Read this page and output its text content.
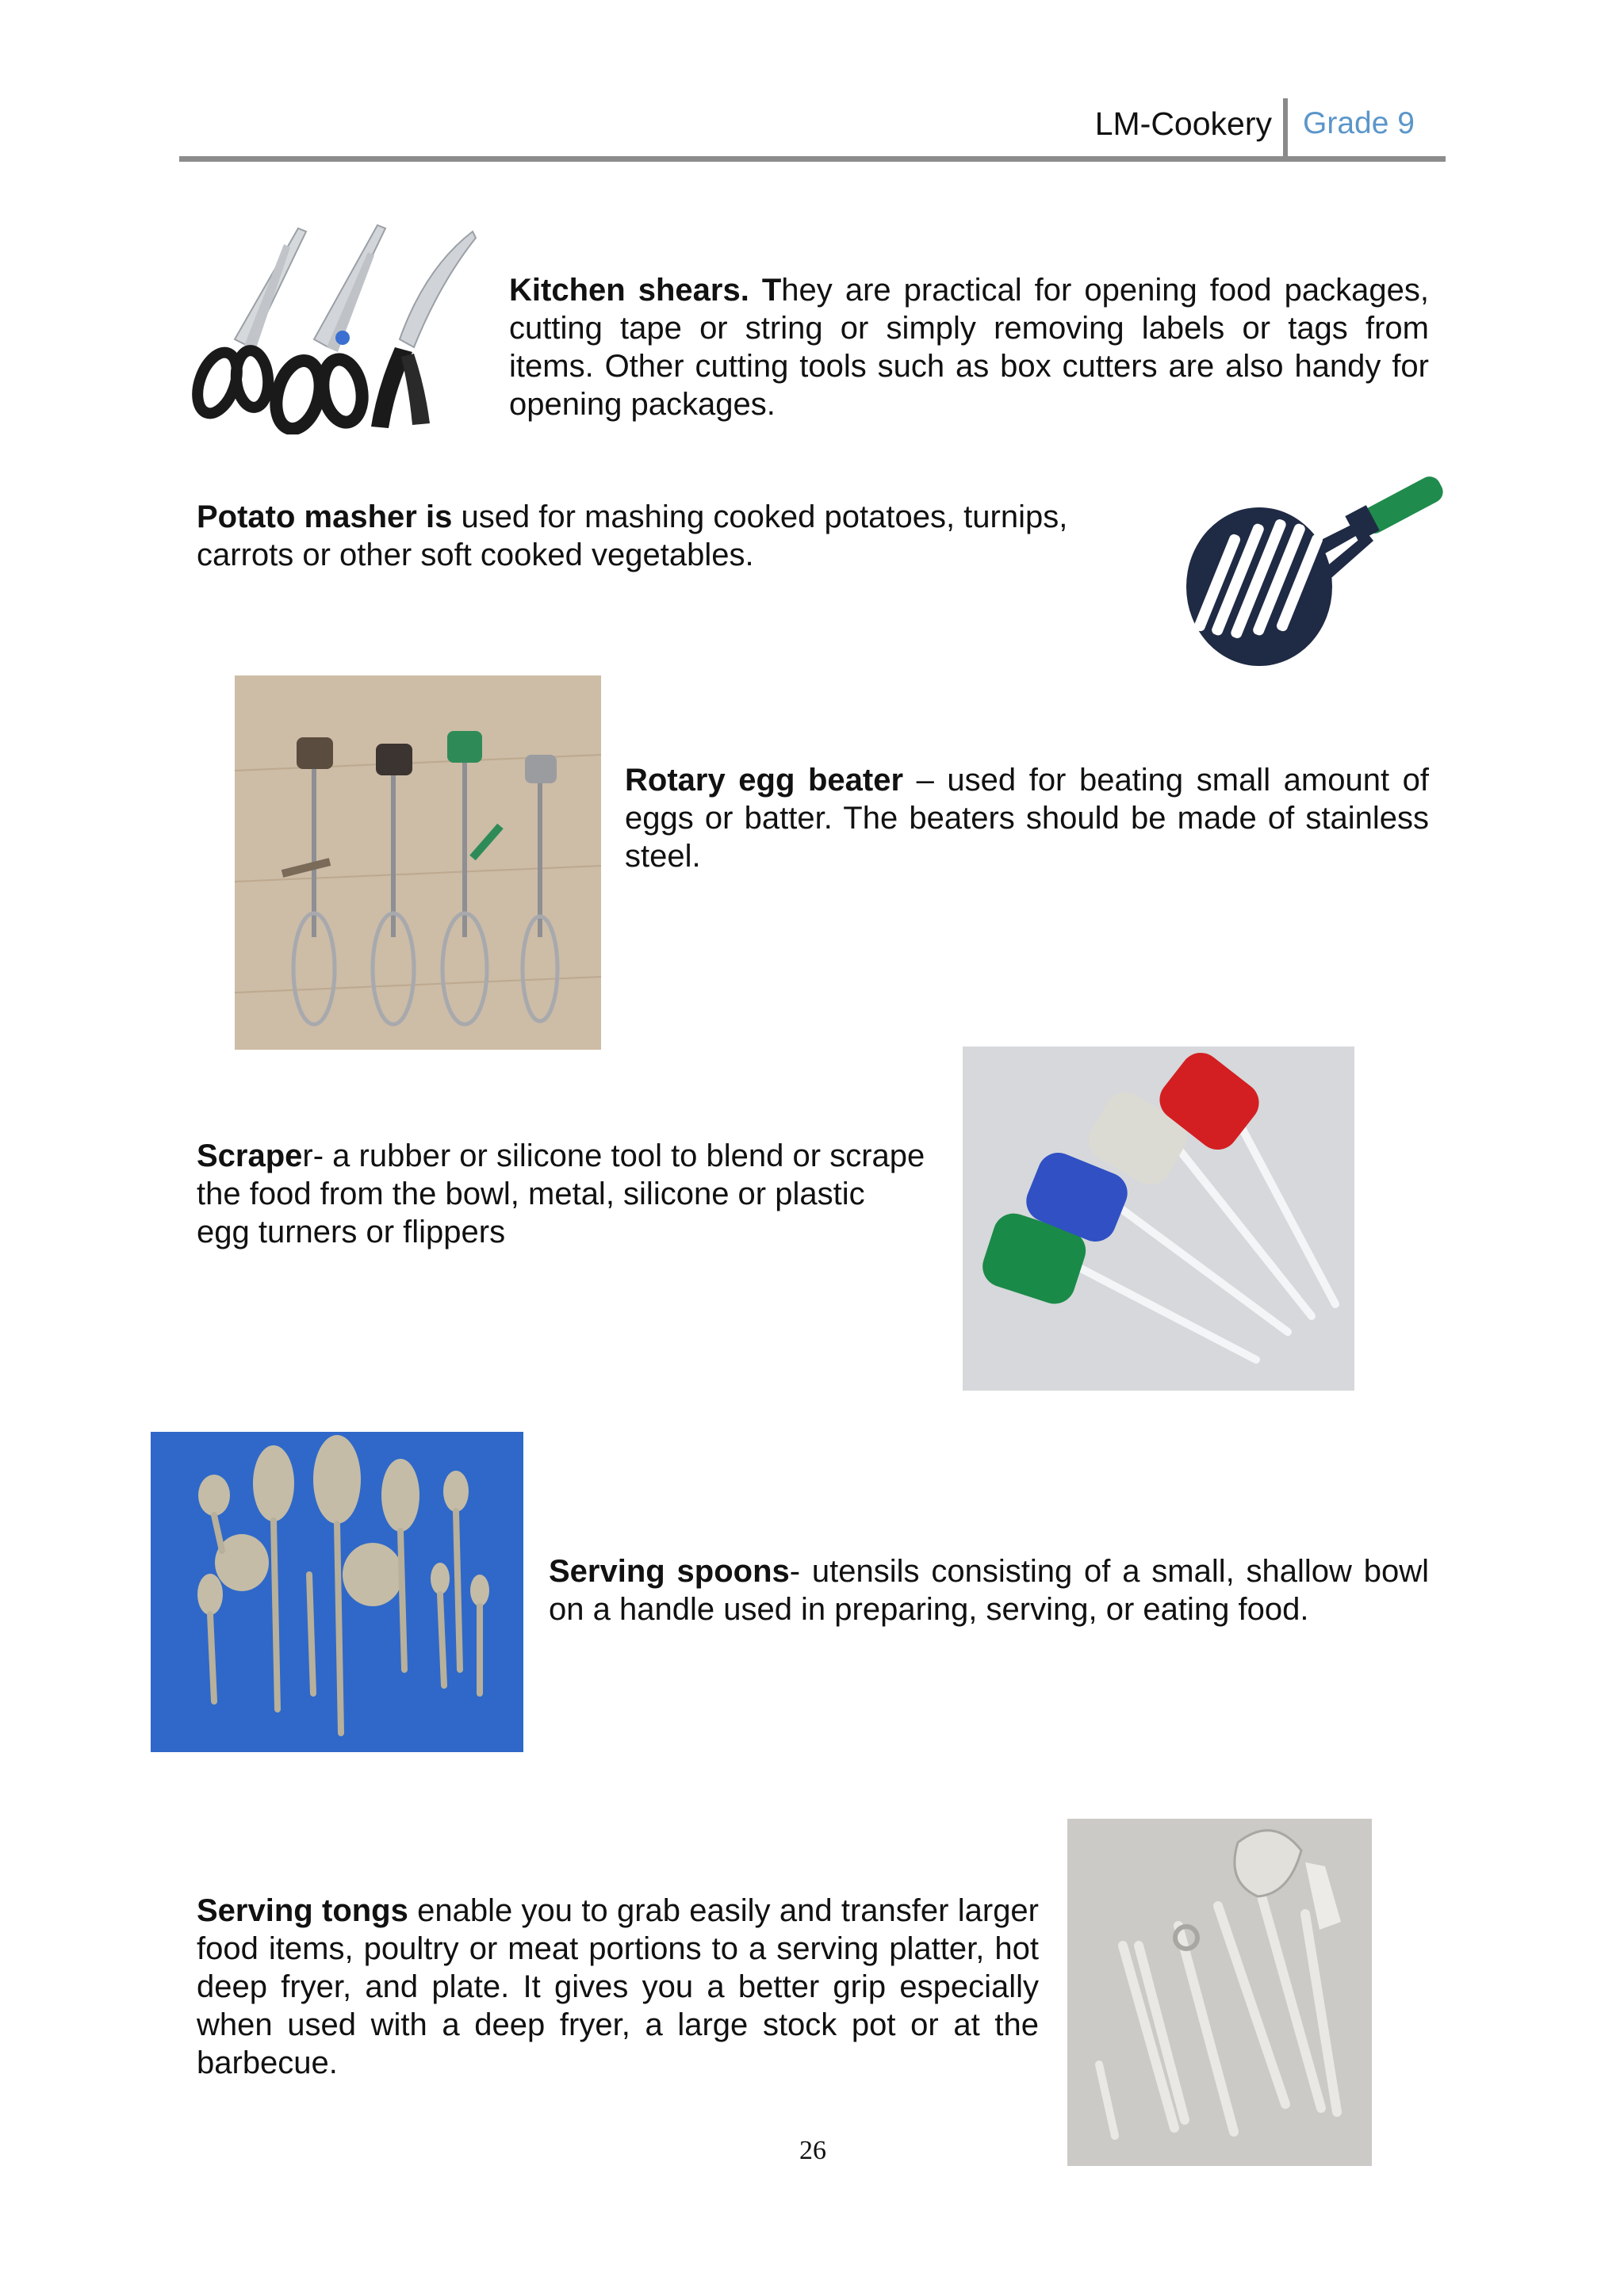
LM-Cookery Grade 9

Kitchen shears. They are practical for opening food packages, cutting tape or string or simply removing labels or tags from items. Other cutting tools such as box cutters are also handy for opening packages.

Potato masher is used for mashing cooked potatoes, turnips, carrots or other soft cooked vegetables.

Rotary egg beater – used for beating small amount of eggs or batter. The beaters should be made of stainless steel.

Scraper- a rubber or silicone tool to blend or scrape the food from the bowl, metal, silicone or plastic egg turners or flippers

Serving spoons- utensils consisting of a small, shallow bowl on a handle used in preparing, serving, or eating food.

Serving tongs enable you to grab easily and transfer larger food items, poultry or meat portions to a serving platter, hot deep fryer, and plate. It gives you a better grip especially when used with a deep fryer, a large stock pot or at the barbecue.

26
